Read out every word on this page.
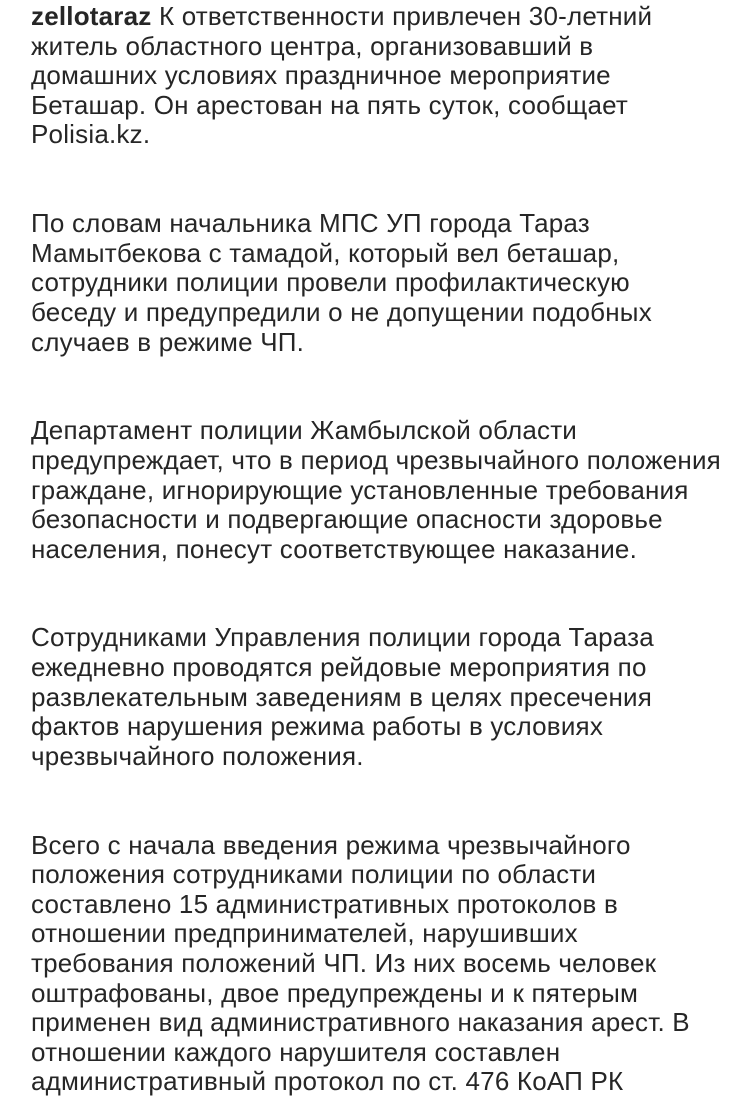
zellotaraz К ответственности привлечен 30-летний житель областного центра, организовавший в домашних условиях праздничное мероприятие Беташар. Он арестован на пять суток, сообщает Polisia.kz.

По словам начальника МПС УП города Тараз Мамытбекова с тамадой, который вел беташар, сотрудники полиции провели профилактическую беседу и предупредили о не допущении подобных случаев в режиме ЧП.

Департамент полиции Жамбылской области предупреждает, что в период чрезвычайного положения граждане, игнорирующие установленные требования безопасности и подвергающие опасности здоровье населения, понесут соответствующее наказание.

Сотрудниками Управления полиции города Тараза ежедневно проводятся рейдовые мероприятия по развлекательным заведениям в целях пресечения фактов нарушения режима работы в условиях чрезвычайного положения.

Всего с начала введения режима чрезвычайного положения сотрудниками полиции по области составлено 15 административных протоколов в отношении предпринимателей, нарушивших требования положений ЧП. Из них восемь человек оштрафованы, двое предупреждены и к пятерым применен вид административного наказания арест. В отношении каждого нарушителя составлен административный протокол по ст. 476 КоАП РК
